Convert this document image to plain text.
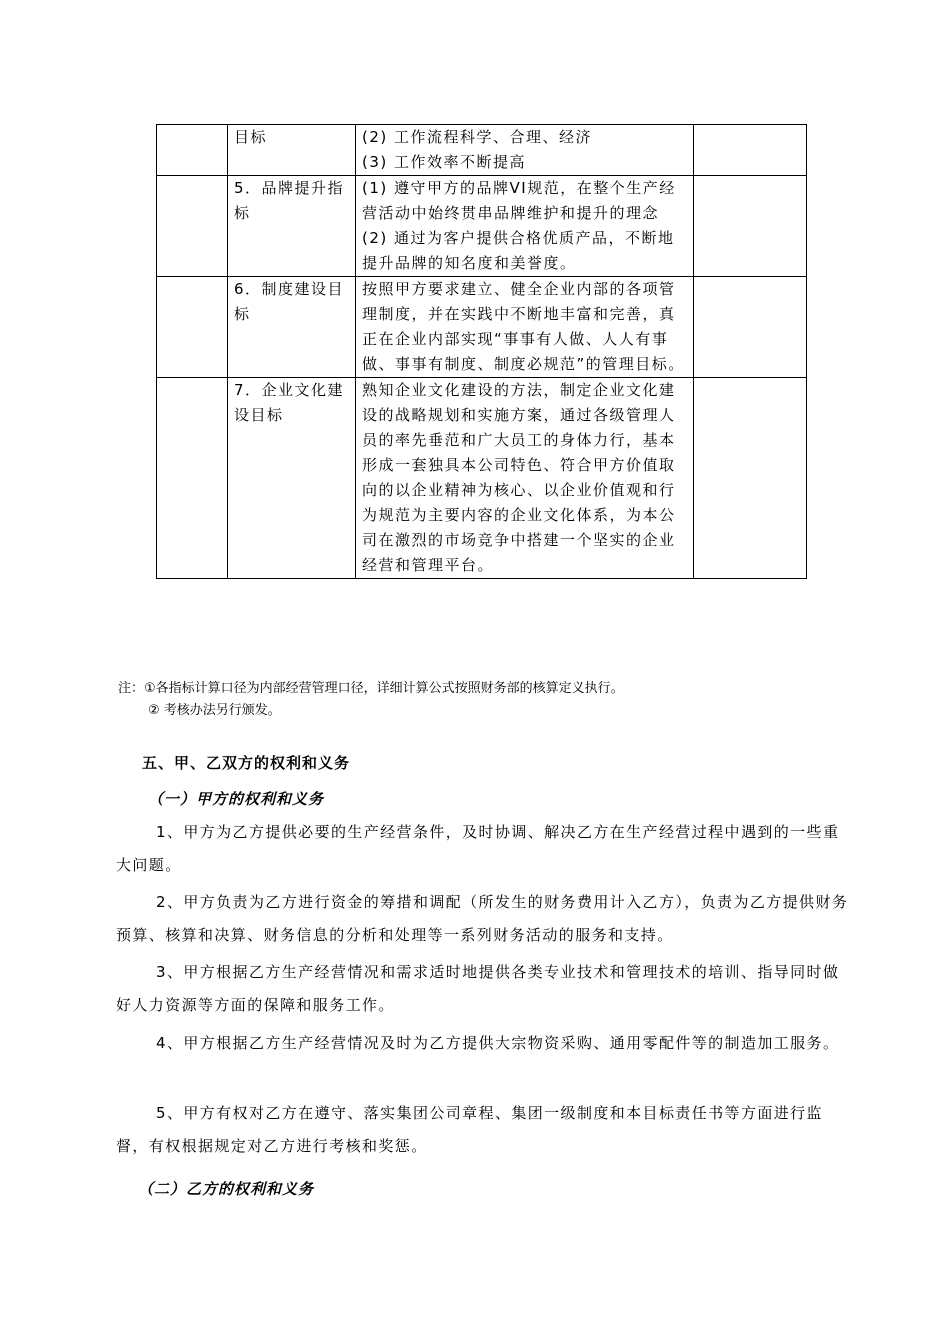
	目标	(2) 工作流程科学、合理、经济
(3) 工作效率不断提高	

	5．品牌提升指标	(1) 遵守甲方的品牌VI规范，在整个生产经营活动中始终贯串品牌维护和提升的理念
(2) 通过为客户提供合格优质产品，不断地提升品牌的知名度和美誉度。	

	6．制度建设目标	按照甲方要求建立、健全企业内部的各项管理制度，并在实践中不断地丰富和完善，真正在企业内部实现“事事有人做、人人有事做、事事有制度、制度必规范”的管理目标。	

	7．企业文化建设目标	熟知企业文化建设的方法，制定企业文化建设的战略规划和实施方案，通过各级管理人员的率先垂范和广大员工的身体力行，基本形成一套独具本公司特色、符合甲方价值取向的以企业精神为核心、以企业价值观和行为规范为主要内容的企业文化体系，为本公司在激烈的市场竞争中搭建一个坚实的企业经营和管理平台。	

注：①各指标计算口径为内部经营管理口径，详细计算公式按照财务部的核算定义执行。
② 考核办法另行颁发。
五、甲、乙双方的权利和义务
（一）甲方的权利和义务
1、甲方为乙方提供必要的生产经营条件，及时协调、解决乙方在生产经营过程中遇到的一些重大问题。
2、甲方负责为乙方进行资金的筹措和调配（所发生的财务费用计入乙方），负责为乙方提供财务预算、核算和决算、财务信息的分析和处理等一系列财务活动的服务和支持。
3、甲方根据乙方生产经营情况和需求适时地提供各类专业技术和管理技术的培训、指导同时做好人力资源等方面的保障和服务工作。
4、甲方根据乙方生产经营情况及时为乙方提供大宗物资采购、通用零配件等的制造加工服务。
5、甲方有权对乙方在遵守、落实集团公司章程、集团一级制度和本目标责任书等方面进行监督，有权根据规定对乙方进行考核和奖惩。
（二）乙方的权利和义务
